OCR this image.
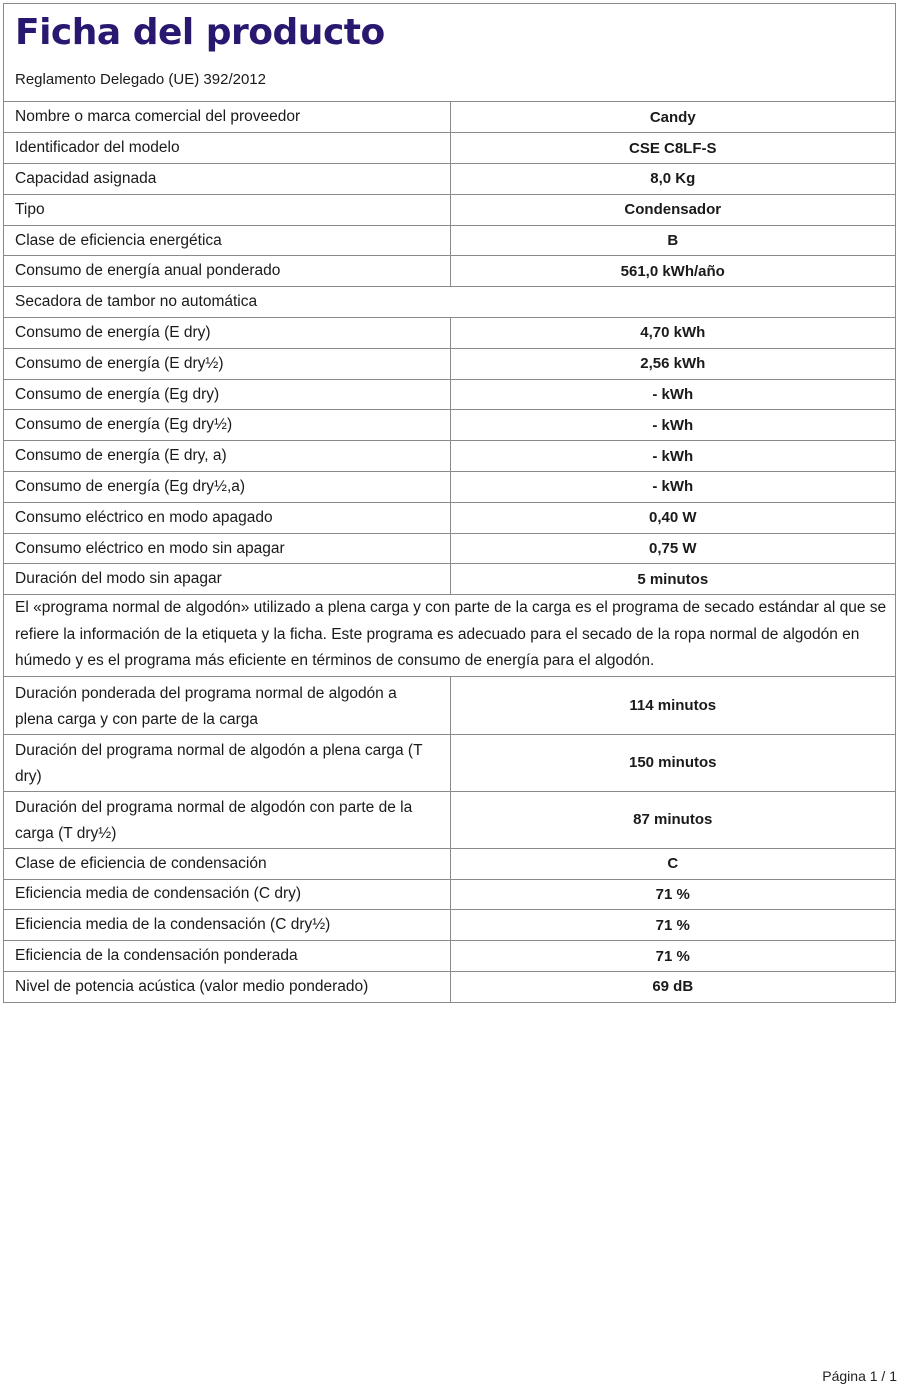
Ficha del producto
Reglamento Delegado (UE) 392/2012
Nombre o marca comercial del proveedor	Candy
Identificador del modelo	CSE C8LF-S
Capacidad asignada	8,0 Kg
Tipo	Condensador
Clase de eficiencia energética	B
Consumo de energía anual ponderado	561,0 kWh/año
Secadora de tambor no automática	
Consumo de energía (E dry)	4,70 kWh
Consumo de energía (E dry½)	2,56 kWh
Consumo de energía (Eg dry)	- kWh
Consumo de energía (Eg dry½)	- kWh
Consumo de energía (E dry, a)	- kWh
Consumo de energía (Eg dry½,a)	- kWh
Consumo eléctrico en modo apagado	0,40 W
Consumo eléctrico en modo sin apagar	0,75 W
Duración del modo sin apagar	5 minutos
El «programa normal de algodón» utilizado a plena carga y con parte de la carga es el programa de secado estándar al que se refiere la información de la etiqueta y la ficha. Este programa es adecuado para el secado de la ropa normal de algodón en húmedo y es el programa más eficiente en términos de consumo de energía para el algodón.
Duración ponderada del programa normal de algodón a plena carga y con parte de la carga	114 minutos
Duración del programa normal de algodón a plena carga (T dry)	150 minutos
Duración del programa normal de algodón con parte de la carga (T dry½)	87 minutos
Clase de eficiencia de condensación	C
Eficiencia media de condensación (C dry)	71 %
Eficiencia media de la condensación (C dry½)	71 %
Eficiencia de la condensación ponderada	71 %
Nivel de potencia acústica (valor medio ponderado)	69 dB
Página 1 / 1
